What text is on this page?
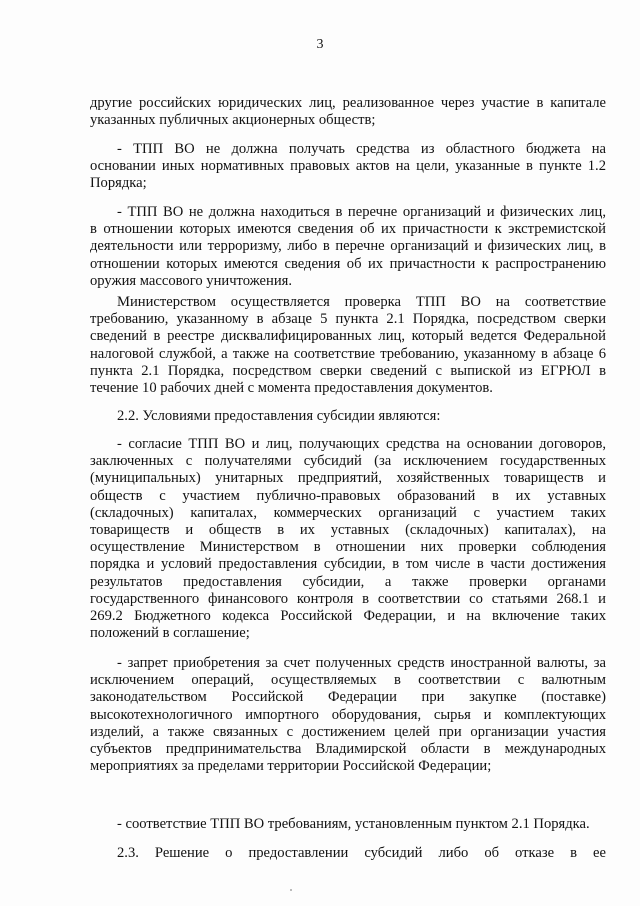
3

другие российских юридических лиц, реализованное через участие в капитале
указанных публичных акционерных обществ;

- ТПП ВО не должна получать средства из областного бюджета на
основании иных нормативных правовых актов на цели, указанные в пункте 1.2
Порядка;

- ТПП ВО не должна находиться в перечне организаций и физических лиц,
в отношении которых имеются сведения об их причастности к экстремистской
деятельности или терроризму, либо в перечне организаций и физических лиц, в
отношении которых имеются сведения об их причастности к распространению
оружия массового уничтожения.

Министерством осуществляется проверка ТПП ВО на соответствие
требованию, указанному в абзаце 5 пункта 2.1 Порядка, посредством сверки
сведений в реестре дисквалифицированных лиц, который ведется Федеральной
налоговой службой, а также на соответствие требованию, указанному в абзаце 6
пункта 2.1 Порядка, посредством сверки сведений с выпиской из ЕГРЮЛ в
течение 10 рабочих дней с момента предоставления документов.

2.2. Условиями предоставления субсидии являются:

- согласие ТПП ВО и лиц, получающих средства на основании договоров,
заключенных с получателями субсидий (за исключением государственных
(муниципальных) унитарных предприятий, хозяйственных товариществ и
обществ с участием публично-правовых образований в их уставных
(складочных) капиталах, коммерческих организаций с участием таких
товариществ и обществ в их уставных (складочных) капиталах), на
осуществление Министерством в отношении них проверки соблюдения
порядка и условий предоставления субсидии, в том числе в части достижения
результатов предоставления субсидии, а также проверки органами
государственного финансового контроля в соответствии со статьями 268.1 и
269.2 Бюджетного кодекса Российской Федерации, и на включение таких
положений в соглашение;

- запрет приобретения за счет полученных средств иностранной валюты, за
исключением операций, осуществляемых в соответствии с валютным
законодательством Российской Федерации при закупке (поставке)
высокотехнологичного импортного оборудования, сырья и комплектующих
изделий, а также связанных с достижением целей при организации участия
субъектов предпринимательства Владимирской области в международных
мероприятиях за пределами территории Российской Федерации;

- соответствие ТПП ВО требованиям, установленным пунктом 2.1 Порядка.

2.3. Решение о предоставлении субсидий либо об отказе в ее
